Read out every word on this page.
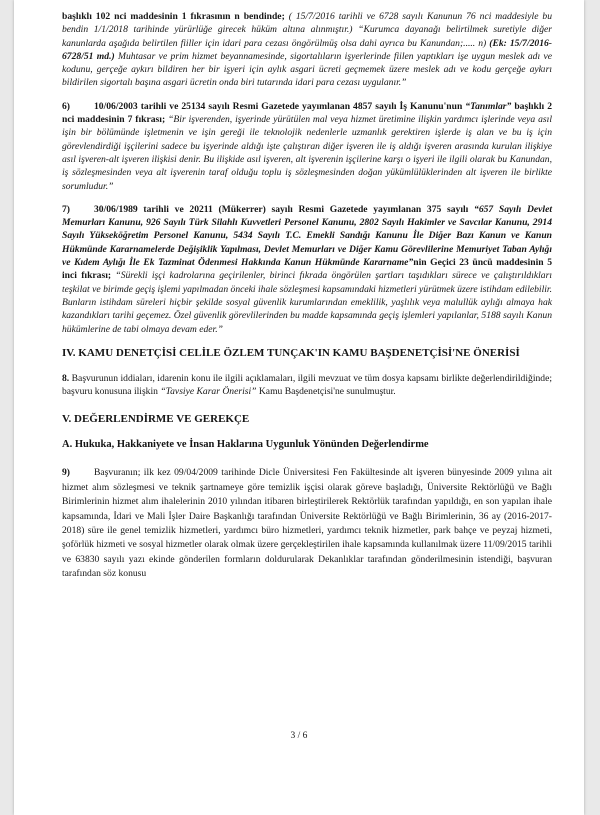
başlıklı 102 nci maddesinin 1 fıkrasının n bendinde; ( 15/7/2016 tarihli ve 6728 sayılı Kanunun 76 nci maddesiyle bu bendin 1/1/2018 tarihinde yürürlüğe girecek hüküm altına alınmıştır.) “Kurumca dayanağı belirtilmek suretiyle diğer kanunlarda aşağıda belirtilen fiiller için idari para cezası öngörülmüş olsa dahi ayrıca bu Kanundan;..... n) (Ek: 15/7/2016-6728/51 md.) Muhtasar ve prim hizmet beyannamesinde, sigortalıların işyerlerinde fiilen yaptıkları işe uygun meslek adı ve kodunu, gerçeğe aykırı bildiren her bir işyeri için aylık asgari ücreti geçmemek üzere meslek adı ve kodu gerçeğe aykırı bildirilen sigortalı başına asgari ücretin onda biri tutarında idari para cezası uygulanır.”

6)	10/06/2003 tarihli ve 25134 sayılı Resmi Gazetede yayımlanan 4857 sayılı İş Kanunu'nun “Tanımlar” başlıklı 2 nci maddesinin 7 fıkrası; “Bir işverenden, işyerinde yürütülen mal veya hizmet üretimine ilişkin yardımcı işlerinde veya asıl işin bir bölümünde işletmenin ve işin gereği ile teknolojik nedenlerle uzmanlık gerektiren işlerde iş alan ve bu iş için görevlendirdiği işçilerini sadece bu işyerinde aldığı işte çalıştıran diğer işveren ile iş aldığı işveren arasında kurulan ilişkiye asıl işveren-alt işveren ilişkisi denir. Bu ilişkide asıl işveren, alt işverenin işçilerine karşı o işyeri ile ilgili olarak bu Kanundan, iş sözleşmesinden veya alt işverenin taraf olduğu toplu iş sözleşmesinden doğan yükümlülüklerinden alt işveren ile birlikte sorumludur.”

7)	30/06/1989 tarihli ve 20211 (Mükerrer) sayılı Resmi Gazetede yayımlanan 375 sayılı “657 Sayılı Devlet Memurları Kanunu, 926 Sayılı Türk Silahlı Kuvvetleri Personel Kanunu, 2802 Sayılı Hakimler ve Savcılar Kanunu, 2914 Sayılı Yükseköğretim Personel Kanunu, 5434 Sayılı T.C. Emekli Sandığı Kanunu İle Diğer Bazı Kanun ve Kanun Hükmünde Kararnamelerde Değişiklik Yapılması, Devlet Memurları ve Diğer Kamu Görevlilerine Memuriyet Taban Aylığı ve Kıdem Aylığı İle Ek Tazminat Ödenmesi Hakkında Kanun Hükmünde Kararname”nin Geçici 23 üncü maddesinin 5 inci fıkrası; “Sürekli işçi kadrolarına geçirilenler, birinci fıkrada öngörülen şartları taşıdıkları sürece ve çalıştırıldıkları teşkilat ve birimde geçiş işlemi yapılmadan önceki ihale sözleşmesi kapsamındaki hizmetleri yürütmek üzere istihdam edilebilir. Bunların istihdam süreleri hiçbir şekilde sosyal güvenlik kurumlarından emeklilik, yaşlılık veya malullük aylığı almaya hak kazandıkları tarihi geçemez. Özel güvenlik görevlilerinden bu madde kapsamında geçiş işlemleri yapılanlar, 5188 sayılı Kanun hükümlerine de tabi olmaya devam eder.”

IV. KAMU DENETÇİSİ CELİLE ÖZLEM TUNÇAK'IN KAMU BAŞDENETÇİSİ'NE ÖNERİSİ

8. Başvurunun iddiaları, idarenin konu ile ilgili açıklamaları, ilgili mevzuat ve tüm dosya kapsamı birlikte değerlendirildiğinde; başvuru konusuna ilişkin “Tavsiye Karar Önerisi” Kamu Başdenetçisi'ne sunulmuştur.

V. DEĞERLENDİRME VE GEREKÇE
A. Hukuka, Hakkaniyete ve İnsan Haklarına Uygunluk Yönünden Değerlendirme

9)	Başvuranın; ilk kez 09/04/2009 tarihinde Dicle Üniversitesi Fen Fakültesinde alt işveren bünyesinde 2009 yılına ait hizmet alım sözleşmesi ve teknik şartnameye göre temizlik işçisi olarak göreve başladığı, Üniversite Rektörlüğü ve Bağlı Birimlerinin hizmet alım ihalelerinin 2010 yılından itibaren birleştirilerek Rektörlük tarafından yapıldığı, en son yapılan ihale kapsamında, İdari ve Mali İşler Daire Başkanlığı tarafından Üniversite Rektörlüğü ve Bağlı Birimlerinin, 36 ay (2016-2017-2018) süre ile genel temizlik hizmetleri, yardımcı büro hizmetleri, yardımcı teknik hizmetler, park bahçe ve peyzaj hizmeti, şoförlük hizmeti ve sosyal hizmetler olarak olmak üzere gerçekleştirilen ihale kapsamında kullanılmak üzere 11/09/2015 tarihli ve 63830 sayılı yazı ekinde gönderilen formların doldurularak Dekanlıklar tarafından gönderilmesinin istendiği, başvuran tarafından söz konusu

3 / 6
